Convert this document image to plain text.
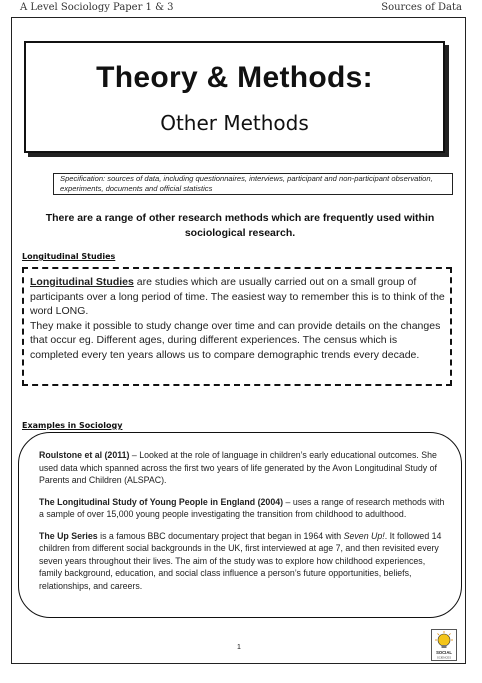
A Level Sociology Paper 1 & 3	Sources of Data
Theory & Methods:
Other Methods
Specification: sources of data, including questionnaires, interviews, participant and non-participant observation, experiments, documents and official statistics
There are a range of other research methods which are frequently used within sociological research.
Longitudinal Studies
Longitudinal Studies are studies which are usually carried out on a small group of participants over a long period of time. The easiest way to remember this is to think of the word LONG.
They make it possible to study change over time and can provide details on the changes that occur eg. Different ages, during different experiences. The census which is completed every ten years allows us to compare demographic trends every decade.
Examples in Sociology

Roulstone et al (2011) – Looked at the role of language in children’s early educational outcomes. She used data which spanned across the first two years of life generated by the Avon Longitudinal Study of Parents and Children (ALSPAC).

The Longitudinal Study of Young People in England (2004) – uses a range of research methods with a sample of over 15,000 young people investigating the transition from childhood to adulthood.

The Up Series is a famous BBC documentary project that began in 1964 with Seven Up!. It followed 14 children from different social backgrounds in the UK, first interviewed at age 7, and then revisited every seven years throughout their lives. The aim of the study was to explore how childhood experiences, family background, education, and social class influence a person’s future opportunities, beliefs, relationships, and careers.

1
SOCIAL
SCIENCES
